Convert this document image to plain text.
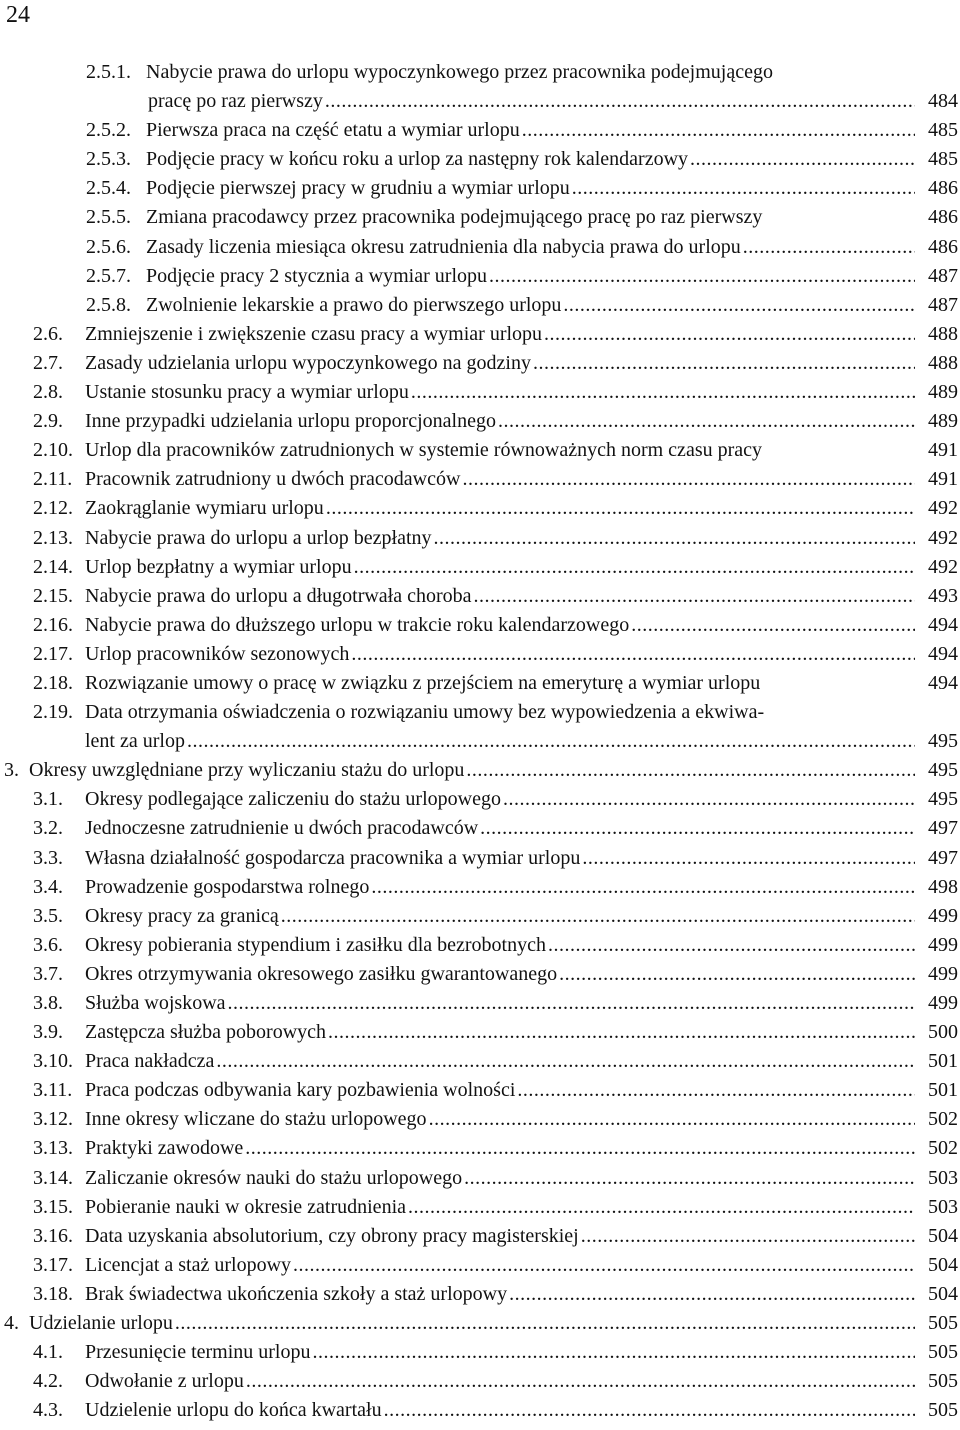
24
2.5.1. Nabycie prawa do urlopu wypoczynkowego przez pracownika podejmującego
pracę po raz pierwszy .....	484
2.5.2. Pierwsza praca na część etatu a wymiar urlopu .....	485
2.5.3. Podjęcie pracy w końcu roku a urlop za następny rok kalendarzowy .....	485
2.5.4. Podjęcie pierwszej pracy w grudniu a wymiar urlopu .....	486
2.5.5. Zmiana pracodawcy przez pracownika podejmującego pracę po raz pierwszy	486
2.5.6. Zasady liczenia miesiąca okresu zatrudnienia dla nabycia prawa do urlopu .....	486
2.5.7. Podjęcie pracy 2 stycznia a wymiar urlopu .....	487
2.5.8. Zwolnienie lekarskie a prawo do pierwszego urlopu .....	487
2.6. Zmniejszenie i zwiększenie czasu pracy a wymiar urlopu .....	488
2.7. Zasady udzielania urlopu wypoczynkowego na godziny .....	488
2.8. Ustanie stosunku pracy a wymiar urlopu .....	489
2.9. Inne przypadki udzielania urlopu proporcjonalnego .....	489
2.10. Urlop dla pracowników zatrudnionych w systemie równoważnych norm czasu pracy	491
2.11. Pracownik zatrudniony u dwóch pracodawców .....	491
2.12. Zaokrąglanie wymiaru urlopu .....	492
2.13. Nabycie prawa do urlopu a urlop bezpłatny .....	492
2.14. Urlop bezpłatny a wymiar urlopu .....	492
2.15. Nabycie prawa do urlopu a długotrwała choroba .....	493
2.16. Nabycie prawa do dłuższego urlopu w trakcie roku kalendarzowego .....	494
2.17. Urlop pracowników sezonowych .....	494
2.18. Rozwiązanie umowy o pracę w związku z przejściem na emeryturę a wymiar urlopu	494
2.19. Data otrzymania oświadczenia o rozwiązaniu umowy bez wypowiedzenia a ekwiwa-
lent za urlop .....	495
3. Okresy uwzględniane przy wyliczaniu stażu do urlopu .....	495
3.1. Okresy podlegające zaliczeniu do stażu urlopowego .....	495
3.2. Jednoczesne zatrudnienie u dwóch pracodawców .....	497
3.3. Własna działalność gospodarcza pracownika a wymiar urlopu .....	497
3.4. Prowadzenie gospodarstwa rolnego .....	498
3.5. Okresy pracy za granicą .....	499
3.6. Okresy pobierania stypendium i zasiłku dla bezrobotnych .....	499
3.7. Okres otrzymywania okresowego zasiłku gwarantowanego .....	499
3.8. Służba wojskowa .....	499
3.9. Zastępcza służba poborowych .....	500
3.10. Praca nakładcza .....	501
3.11. Praca podczas odbywania kary pozbawienia wolności .....	501
3.12. Inne okresy wliczane do stażu urlopowego .....	502
3.13. Praktyki zawodowe .....	502
3.14. Zaliczanie okresów nauki do stażu urlopowego .....	503
3.15. Pobieranie nauki w okresie zatrudnienia .....	503
3.16. Data uzyskania absolutorium, czy obrony pracy magisterskiej .....	504
3.17. Licencjat a staż urlopowy .....	504
3.18. Brak świadectwa ukończenia szkoły a staż urlopowy .....	504
4. Udzielanie urlopu .....	505
4.1. Przesunięcie terminu urlopu .....	505
4.2. Odwołanie z urlopu .....	505
4.3. Udzielenie urlopu do końca kwartału .....	505
